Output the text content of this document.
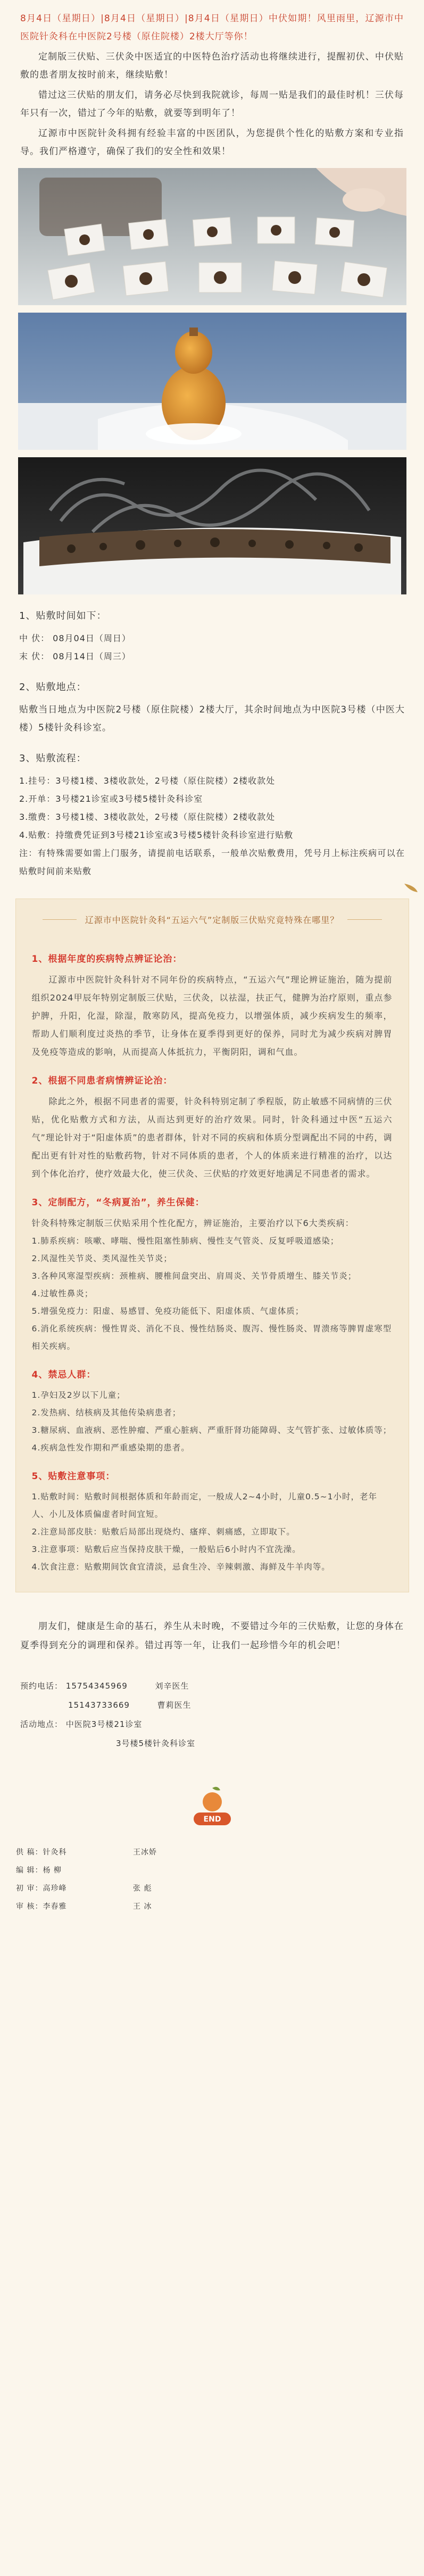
8月4日（星期日）|8月4日（星期日）|8月4日（星期日）中伏如期！风里雨里，辽源市中医院针灸科在中医院2号楼（原住院楼）2楼大厅等你！

定制版三伏贴、三伏灸中医适宜的中医特色治疗活动也将继续进行，提醒初伏、中伏贴敷的患者朋友按时前来，继续贴敷！

错过这三伏贴的朋友们，请务必尽快到我院就诊，每周一贴是我们的最佳时机！三伏每年只有一次，错过了今年的贴敷，就要等到明年了！

辽源市中医院针灸科拥有经验丰富的中医团队，为您提供个性化的贴敷方案和专业指导。我们严格遵守，确保了我们的安全性和效果！

1、贴敷时间如下：
中 伏： 08月04日（周日）
末 伏： 08月14日（周三）
2、贴敷地点：

贴敷当日地点为中医院2号楼（原住院楼）2楼大厅，其余时间地点为中医院3号楼（中医大楼）5楼针灸科诊室。

3、贴敷流程：
1.挂号：3号楼1楼、3楼收款处，2号楼（原住院楼）2楼收款处
2.开单：3号楼21诊室或3号楼5楼针灸科诊室
3.缴费：3号楼1楼、3楼收款处，2号楼（原住院楼）2楼收款处
4.贴敷：持缴费凭证到3号楼21诊室或3号楼5楼针灸科诊室进行贴敷

注：有特殊需要如需上门服务，请提前电话联系，一般单次贴敷费用，凭号月上标注疾病可以在贴敷时间前来贴敷

辽源市中医院针灸科“五运六气”定制版三伏贴究竟特殊在哪里？
1、根据年度的疾病特点辨证论治：

辽源市中医院针灸科针对不同年份的疾病特点，“五运六气”理论辨证施治，随为提前组织2024甲辰年特别定制版三伏贴，三伏灸，以祛湿，扶正气，健脾为治疗原则，重点参护脾，升阳，化湿，除湿，散寒防风，提高免疫力，以增强体质，减少疾病发生的频率，帮助人们顺利度过炎热的季节，让身体在夏季得到更好的保养，同时尤为减少疾病对脾胃及免疫等造成的影响，从而提高人体抵抗力，平衡阴阳，调和气血。

2、根据不同患者病情辨证论治：

除此之外，根据不同患者的需要，针灸科特别定制了季程版，防止敏感不同病情的三伏贴，优化贴敷方式和方法，从而达到更好的治疗效果。同时，针灸科通过中医“五运六气”理论针对于“阳虚体质”的患者群体，针对不同的疾病和体质分型调配出不同的中药，调配出更有针对性的贴敷药物，针对不同体质的患者，个人的体质来进行精准的治疗，以达到个体化治疗，使疗效最大化，使三伏灸、三伏贴的疗效更好地满足不同患者的需求。

3、定制配方，“冬病夏治”，养生保健：

针灸科特殊定制版三伏贴采用个性化配方，辨证施治，主要治疗以下6大类疾病：

1.肺系疾病：咳嗽、哮喘、慢性阻塞性肺病、慢性支气管炎、反复呼吸道感染；
2.风湿性关节炎、类风湿性关节炎；
3.各种风寒湿型疾病：颈椎病、腰椎间盘突出、肩周炎、关节骨质增生、膝关节炎；
4.过敏性鼻炎；
5.增强免疫力：阳虚、易感冒、免疫功能低下、阳虚体质、气虚体质；
6.消化系统疾病：慢性胃炎、消化不良、慢性结肠炎、腹泻、慢性肠炎、胃溃疡等脾胃虚寒型相关疾病。
4、禁忌人群：
1.孕妇及2岁以下儿童；
2.发热病、结核病及其他传染病患者；
3.糖尿病、血液病、恶性肿瘤、严重心脏病、严重肝肾功能障碍、支气管扩张、过敏体质等；
4.疾病急性发作期和严重感染期的患者。
5、贴敷注意事项：
1.贴敷时间：贴敷时间根据体质和年龄而定，一般成人2~4小时，儿童0.5~1小时，老年人、小儿及体质偏虚者时间宜短。
2.注意局部皮肤：贴敷后局部出现烧灼、瘙痒、刺痛感，立即取下。
3.注意事项：贴敷后应当保持皮肤干燥，一般贴后6小时内不宜洗澡。
4.饮食注意：贴敷期间饮食宜清淡，忌食生冷、辛辣刺激、海鲜及牛羊肉等。

朋友们，健康是生命的基石，养生从未时晚，不要错过今年的三伏贴敷，让您的身体在夏季得到充分的调理和保养。错过再等一年，让我们一起珍惜今年的机会吧！

预约电话： 15754345969	刘辛医生
15143733669	曹莉医生
活动地点： 中医院3号楼21诊室
3号楼5楼针灸科诊室
END
供 稿：针灸科	王冰娇
编 辑：杨 柳
初 审：高珍峰	张 彪
审 核：李春雅	王 冰
